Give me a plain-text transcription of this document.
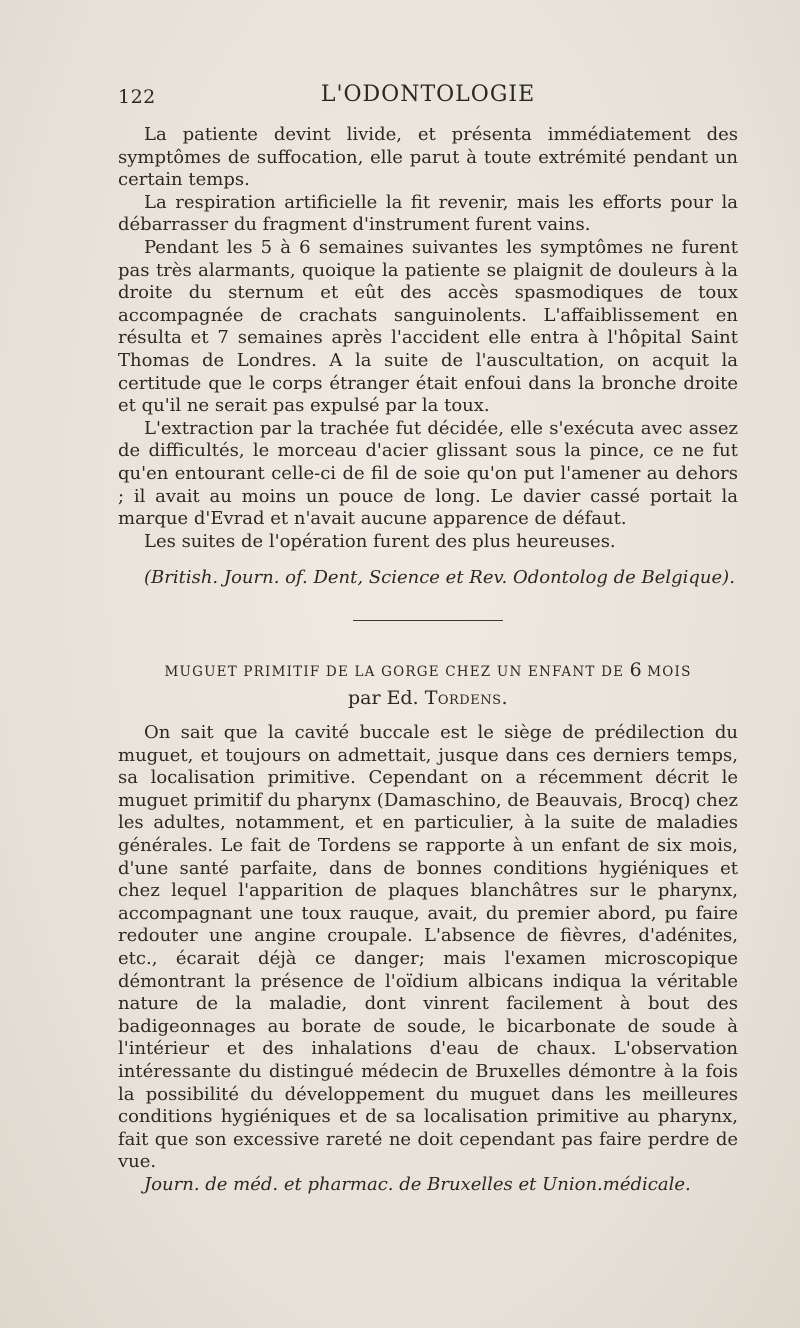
122	L'ODONTOLOGIE

La patiente devint livide, et présenta immédiatement des symptômes de suffocation, elle parut à toute extrémité pendant un certain temps.

La respiration artificielle la fit revenir, mais les efforts pour la débarrasser du fragment d'instrument furent vains.

Pendant les 5 à 6 semaines suivantes les symptômes ne furent pas très alarmants, quoique la patiente se plaignit de douleurs à la droite du sternum et eût des accès spasmodiques de toux accompagnée de crachats sanguinolents. L'affaiblissement en résulta et 7 semaines après l'accident elle entra à l'hôpital Saint Thomas de Londres. A la suite de l'auscultation, on acquit la certitude que le corps étranger était enfoui dans la bronche droite et qu'il ne serait pas expulsé par la toux.

L'extraction par la trachée fut décidée, elle s'exécuta avec assez de difficultés, le morceau d'acier glissant sous la pince, ce ne fut qu'en entourant celle-ci de fil de soie qu'on put l'amener au dehors ; il avait au moins un pouce de long. Le davier cassé portait la marque d'Evrad et n'avait aucune apparence de défaut.

Les suites de l'opération furent des plus heureuses.

(British. Journ. of. Dent, Science et Rev. Odontolog de Belgique).

MUGUET PRIMITIF DE LA GORGE CHEZ UN ENFANT DE 6 MOIS

par Ed. Tordens.

On sait que la cavité buccale est le siège de prédilection du muguet, et toujours on admettait, jusque dans ces derniers temps, sa localisation primitive. Cependant on a récemment décrit le muguet primitif du pharynx (Damaschino, de Beauvais, Brocq) chez les adultes, notamment, et en particulier, à la suite de maladies générales. Le fait de Tordens se rapporte à un enfant de six mois, d'une santé parfaite, dans de bonnes conditions hygiéniques et chez lequel l'apparition de plaques blanchâtres sur le pharynx, accompagnant une toux rauque, avait, du premier abord, pu faire redouter une angine croupale. L'absence de fièvres, d'adénites, etc., écarait déjà ce danger; mais l'examen microscopique démontrant la présence de l'oïdium albicans indiqua la véritable nature de la maladie, dont vinrent facilement à bout des badigeonnages au borate de soude, le bicarbonate de soude à l'intérieur et des inhalations d'eau de chaux. L'observation intéressante du distingué médecin de Bruxelles démontre à la fois la possibilité du développement du muguet dans les meilleures conditions hygiéniques et de sa localisation primitive au pharynx, fait que son excessive rareté ne doit cependant pas faire perdre de vue.

Journ. de méd. et pharmac. de Bruxelles et Union.médicale.
